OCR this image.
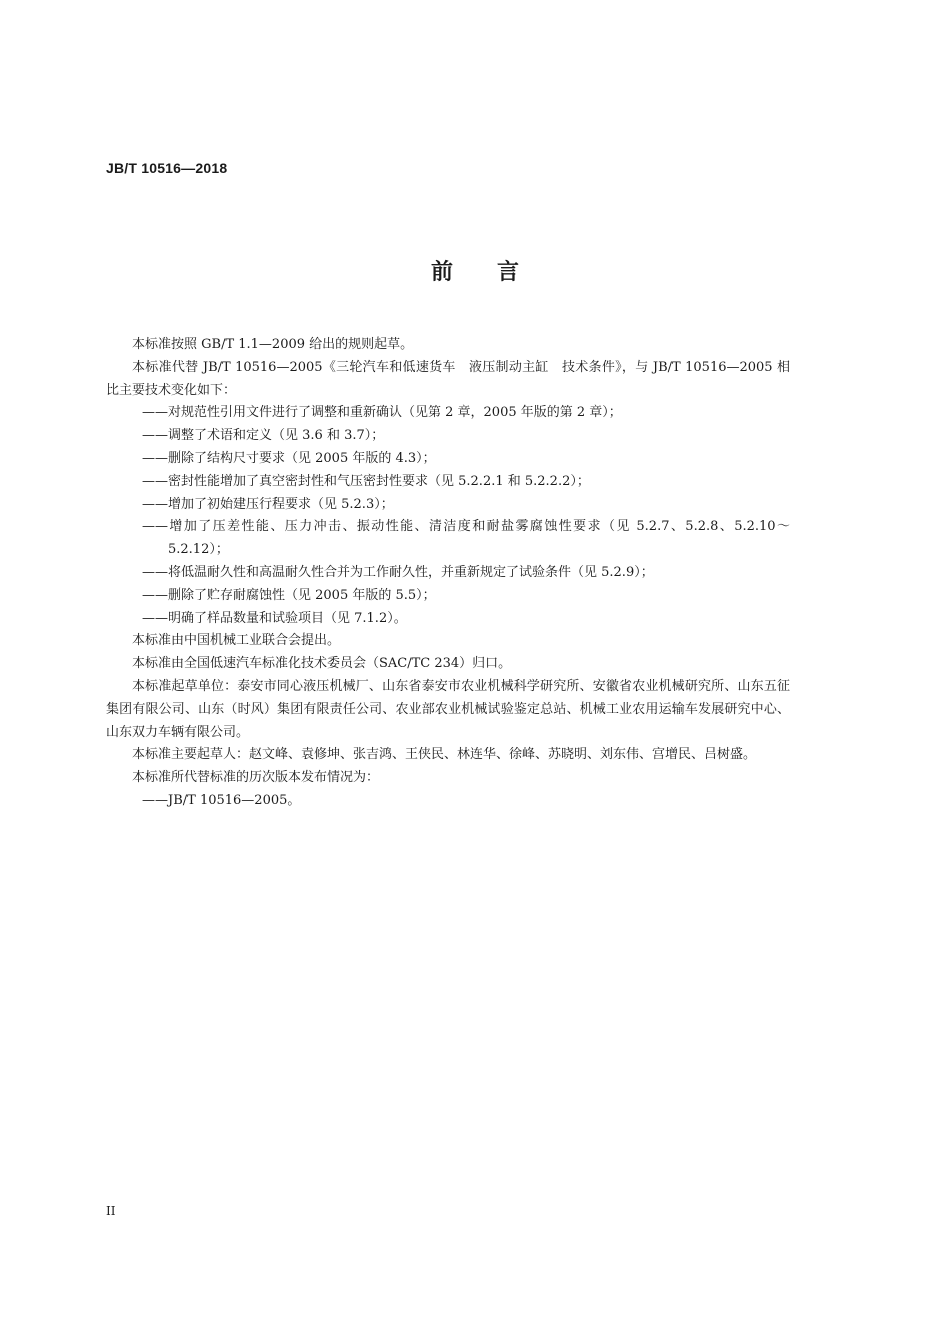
JB/T 10516—2018
前言

本标准按照 GB/T 1.1—2009 给出的规则起草。

本标准代替 JB/T 10516—2005《三轮汽车和低速货车　液压制动主缸　技术条件》，与 JB/T 10516—2005 相比主要技术变化如下：

——对规范性引用文件进行了调整和重新确认（见第 2 章，2005 年版的第 2 章）；

——调整了术语和定义（见 3.6 和 3.7）；

——删除了结构尺寸要求（见 2005 年版的 4.3）；

——密封性能增加了真空密封性和气压密封性要求（见 5.2.2.1 和 5.2.2.2）；

——增加了初始建压行程要求（见 5.2.3）；

——增加了压差性能、压力冲击、振动性能、清洁度和耐盐雾腐蚀性要求（见 5.2.7、5.2.8、5.2.10～5.2.12）；

——将低温耐久性和高温耐久性合并为工作耐久性，并重新规定了试验条件（见 5.2.9）；

——删除了贮存耐腐蚀性（见 2005 年版的 5.5）；

——明确了样品数量和试验项目（见 7.1.2）。

本标准由中国机械工业联合会提出。

本标准由全国低速汽车标准化技术委员会（SAC/TC 234）归口。

本标准起草单位：泰安市同心液压机械厂、山东省泰安市农业机械科学研究所、安徽省农业机械研究所、山东五征集团有限公司、山东（时风）集团有限责任公司、农业部农业机械试验鉴定总站、机械工业农用运输车发展研究中心、山东双力车辆有限公司。

本标准主要起草人：赵文峰、袁修坤、张吉鸿、王侠民、林连华、徐峰、苏晓明、刘东伟、宫增民、吕树盛。

本标准所代替标准的历次版本发布情况为：

——JB/T 10516—2005。

II
